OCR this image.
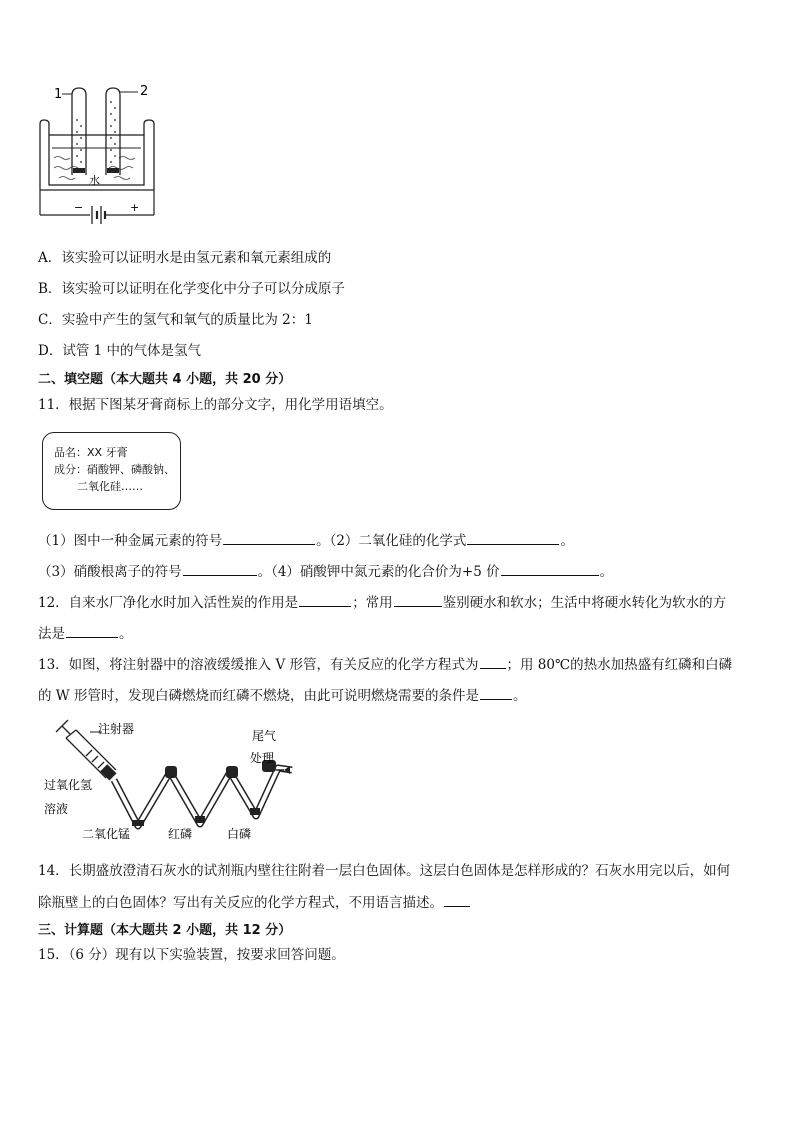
1	2
水
−	+
A．该实验可以证明水是由氢元素和氧元素组成的
B．该实验可以证明在化学变化中分子可以分成原子
C．实验中产生的氢气和氧气的质量比为 2：1
D．试管 1 中的气体是氢气
二、填空题（本大题共 4 小题，共 20 分）
11．根据下图某牙膏商标上的部分文字，用化学用语填空。
品名：XX 牙膏
成分：硝酸钾、磷酸钠、
二氧化硅……
（1）图中一种金属元素的符号	。（2）二氧化硅的化学式	。
（3）硝酸根离子的符号	。（4）硝酸钾中氮元素的化合价为+5 价	。
12．自来水厂净化水时加入活性炭的作用是	；常用	鉴别硬水和软水；生活中将硬水转化为软水的方
法是	。
13．如图，将注射器中的溶液缓缓推入 V 形管，有关反应的化学方程式为 ；用 80℃的热水加热盛有红磷和白磷
的 W 形管时，发现白磷燃烧而红磷不燃烧，由此可说明燃烧需要的条件是	。
注射器	尾气
处理
过氧化氢
溶液
二氧化锰	红磷	白磷
14．长期盛放澄清石灰水的试剂瓶内壁往往附着一层白色固体。这层白色固体是怎样形成的？石灰水用完以后，如何
除瓶壁上的白色固体？写出有关反应的化学方程式，不用语言描述。
三、计算题（本大题共 2 小题，共 12 分）
15．（6 分）现有以下实验装置，按要求回答问题。
